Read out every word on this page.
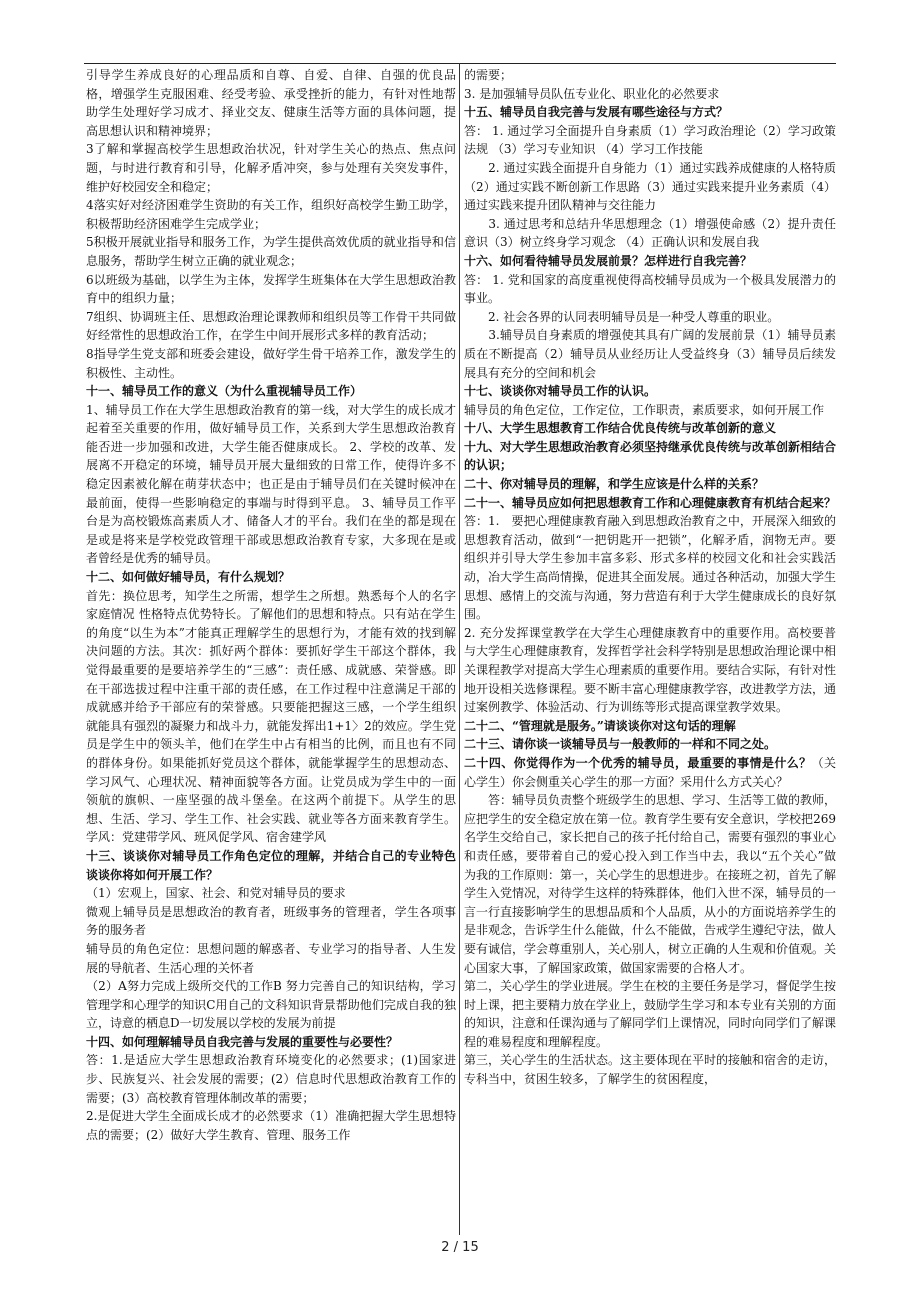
引导学生养成良好的心理品质和自尊、自爱、自律、自强的优良品格，增强学生克服困难、经受考验、承受挫折的能力，有针对性地帮助学生处理好学习成才、择业交友、健康生活等方面的具体问题，提高思想认识和精神境界；

3了解和掌握高校学生思想政治状况，针对学生关心的热点、焦点问题，与时进行教育和引导，化解矛盾冲突，参与处理有关突发事件，维护好校园安全和稳定；

4落实好对经济困难学生资助的有关工作，组织好高校学生勤工助学，积极帮助经济困难学生完成学业；

5积极开展就业指导和服务工作，为学生提供高效优质的就业指导和信息服务，帮助学生树立正确的就业观念；

6以班级为基础，以学生为主体，发挥学生班集体在大学生思想政治教育中的组织力量；

7组织、协调班主任、思想政治理论课教师和组织员等工作骨干共同做好经常性的思想政治工作，在学生中间开展形式多样的教育活动；

8指导学生党支部和班委会建设，做好学生骨干培养工作，激发学生的积极性、主动性。

十一、辅导员工作的意义（为什么重视辅导员工作）

1、辅导员工作在大学生思想政治教育的第一线，对大学生的成长成才起着至关重要的作用，做好辅导员工作，关系到大学生思想政治教育能否进一步加强和改进，大学生能否健康成长。 2、学校的改革、发展离不开稳定的环境，辅导员开展大量细致的日常工作，使得许多不稳定因素被化解在萌芽状态中；也正是由于辅导员们在关键时候冲在最前面，使得一些影响稳定的事端与时得到平息。 3、辅导员工作平台是为高校锻炼高素质人才、储备人才的平台。我们在坐的都是现在是或是将来是学校党政管理干部或思想政治教育专家，大多现在是或者曾经是优秀的辅导员。

十二、如何做好辅导员，有什么规划？

首先：换位思考，知学生之所需，想学生之所想。熟悉每个人的名字 家庭情况 性格特点优势特长。了解他们的思想和特点。只有站在学生的角度“以生为本”才能真正理解学生的思想行为，才能有效的找到解决问题的方法。其次：抓好两个群体：要抓好学生干部这个群体，我觉得最重要的是要培养学生的“三感”：责任感、成就感、荣誉感。即在干部选拔过程中注重干部的责任感，在工作过程中注意满足干部的成就感并给予干部应有的荣誉感。只要能把握这三感，一个学生组织就能具有强烈的凝聚力和战斗力，就能发挥出1+1〉2的效应。学生党员是学生中的领头羊，他们在学生中占有相当的比例，而且也有不同的群体身份。如果能抓好党员这个群体，就能掌握学生的思想动态、学习风气、心理状况、精神面貌等各方面。让党员成为学生中的一面领航的旗帜、一座坚强的战斗堡垒。在这两个前提下。从学生的思想、生活、学习、学生工作、社会实践、就业等各方面来教育学生。学风：党建带学风、班风促学风、宿舍建学风

十三、谈谈你对辅导员工作角色定位的理解，并结合自己的专业特色谈谈你将如何开展工作？

（1）宏观上，国家、社会、和党对辅导员的要求

微观上辅导员是思想政治的教育者，班级事务的管理者，学生各项事务的服务者

辅导员的角色定位：思想问题的解惑者、专业学习的指导者、人生发展的导航者、生活心理的关怀者

（2）A努力完成上级所交代的工作B 努力完善自己的知识结构，学习管理学和心理学的知识C用自己的文科知识背景帮助他们完成自我的独立，诗意的栖息D一切发展以学校的发展为前提

十四、如何理解辅导员自我完善与发展的重要性与必要性？

答：1.是适应大学生思想政治教育环境变化的必然要求；(1)国家进步、民族复兴、社会发展的需要；(2）信息时代思想政治教育工作的需要；(3）高校教育管理体制改革的需要；

2.是促进大学生全面成长成才的必然要求（1）准确把握大学生思想特点的需要；(2）做好大学生教育、管理、服务工作

的需要；

3. 是加强辅导员队伍专业化、职业化的必然要求

十五、辅导员自我完善与发展有哪些途径与方式？

答： 1. 通过学习全面提升自身素质（1）学习政治理论（2）学习政策法规 （3）学习专业知识 （4）学习工作技能

　　2. 通过实践全面提升自身能力（1）通过实践养成健康的人格特质（2）通过实践不断创新工作思路（3）通过实践来提升业务素质（4）通过实践来提升团队精神与交往能力

　　3. 通过思考和总结升华思想理念（1）增强使命感（2）提升责任意识（3）树立终身学习观念 （4）正确认识和发展自我

十六、如何看待辅导员发展前景？怎样进行自我完善？

答： 1. 党和国家的高度重视使得高校辅导员成为一个极具发展潜力的事业。

　　2. 社会各界的认同表明辅导员是一种受人尊重的职业。

　　3.辅导员自身素质的增强使其具有广阔的发展前景（1）辅导员素质在不断提高（2）辅导员从业经历让人受益终身（3）辅导员后续发展具有充分的空间和机会

十七、谈谈你对辅导员工作的认识。

辅导员的角色定位，工作定位，工作职责，素质要求，如何开展工作

十八、大学生思想教育工作结合优良传统与改革创新的意义

十九、对大学生思想政治教育必须坚持继承优良传统与改革创新相结合的认识；

二十、你对辅导员的理解，和学生应该是什么样的关系？

二十一、辅导员应如何把思想教育工作和心理健康教育有机结合起来？

答：1.　要把心理健康教育融入到思想政治教育之中，开展深入细致的思想教育活动，做到“一把钥匙开一把锁”，化解矛盾，润物无声。要组织并引导大学生参加丰富多彩、形式多样的校园文化和社会实践活动，冶大学生高尚情操，促进其全面发展。通过各种活动，加强大学生思想、感情上的交流与沟通，努力营造有利于大学生健康成长的良好氛围。

2. 充分发挥课堂教学在大学生心理健康教育中的重要作用。高校要普与大学生心理健康教育，发挥哲学社会科学特别是思想政治理论课中相关课程教学对提高大学生心理素质的重要作用。要结合实际，有针对性地开设相关选修课程。要不断丰富心理健康教学容，改进教学方法，通过案例教学、体验活动、行为训练等形式提高课堂教学效果。

二十二、“管理就是服务。”请谈谈你对这句话的理解

二十三、请你谈一谈辅导员与一般教师的一样和不同之处。

二十四、你觉得作为一个优秀的辅导员，最重要的事情是什么？（关心学生）你会侧重关心学生的那一方面？采用什么方式关心？

　　答：辅导员负责整个班级学生的思想、学习、生活等工做的教师，应把学生的安全稳定放在第一位。教育学生要有安全意识，学校把269名学生交给自己，家长把自己的孩子托付给自己，需要有强烈的事业心和责任感，要带着自己的爱心投入到工作当中去，我以“五个关心”做为我的工作原则：第一，关心学生的思想进步。在接班之初，首先了解学生入党情况，对待学生这样的特殊群体，他们入世不深，辅导员的一言一行直接影响学生的思想品质和个人品质，从小的方面说培养学生的是非观念，告诉学生什么能做，什么不能做，告戒学生遵纪守法，做人要有诚信，学会尊重别人，关心别人，树立正确的人生观和价值观。关心国家大事，了解国家政策，做国家需要的合格人才。

第二，关心学生的学业进展。学生在校的主要任务是学习，督促学生按时上课，把主要精力放在学业上，鼓励学生学习和本专业有关别的方面的知识，注意和任课沟通与了解同学们上课情况，同时向同学们了解课程的难易程度和理解程度。

第三，关心学生的生活状态。这主要体现在平时的接触和宿舍的走访，专科当中，贫困生较多，了解学生的贫困程度，

2 / 15
